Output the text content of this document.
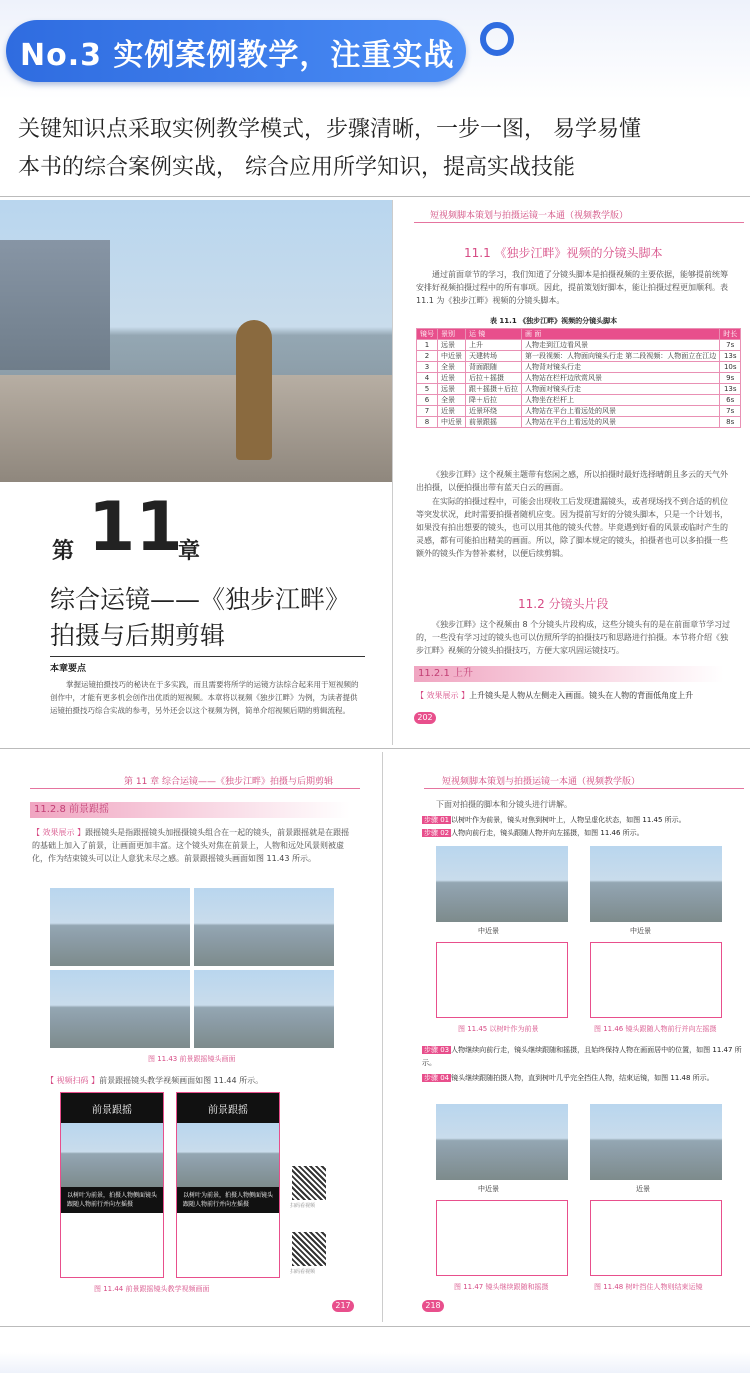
No.3 实例案例教学，注重实战
关键知识点采取实例教学模式，步骤清晰，一步一图， 易学易懂
本书的综合案例实战， 综合应用所学知识，提高实战技能
第 11
章
综合运镜——《独步江畔》
拍摄与后期剪辑
本章要点
掌握运镜拍摄技巧的秘诀在于多实践，而且需要将所学的运镜方法综合起来用于短视频的创作中，才能有更多机会创作出优质的短视频。本章将以视频《独步江畔》为例，为读者提供运镜拍摄技巧综合实战的参考，另外还会以这个视频为例，简单介绍视频后期的剪辑流程。
短视频脚本策划与拍摄运镜一本通（视频教学版）
11.1 《独步江畔》视频的分镜头脚本
通过前面章节的学习，我们知道了分镜头脚本是拍摄视频的主要依据，能够提前统筹安排好视频拍摄过程中的所有事项。因此，提前策划好脚本，能让拍摄过程更加顺利。表 11.1 为《独步江畔》视频的分镜头脚本。
表 11.1 《独步江畔》视频的分镜头脚本
镜号	景别	运 镜	画 面	时长
1	远景	上升	人物走到江边看风景	7s
2	中近景	天建转场	第一段视频：人物面向镜头行走 第二段视频：人物面立在江边	13s
3	全景	背面跟随	人物背对镜头行走	10s
4	近景	后拉＋摇摄	人物站在栏杆边欣赏风景	9s
5	远景	跟＋摇摄＋后拉	人物面对镜头行走	13s
6	全景	降＋后拉	人物坐在栏杆上	6s
7	近景	近景环绕	人物站在平台上看远处的风景	7s
8	中近景	前景跟摇	人物站在平台上看远处的风景	8s
《独步江畔》这个视频主题带有悠闲之感，所以拍摄时最好选择晴朗且多云的天气外出拍摄，以便拍摄出带有蓝天白云的画面。
在实际的拍摄过程中，可能会出现收工后发现遗漏镜头，或者现场找不到合适的机位等突发状况，此时需要拍摄者随机应变。因为提前写好的分镜头脚本，只是一个计划书，如果没有拍出想要的镜头，也可以用其他的镜头代替。毕竟遇到好看的风景或临时产生的灵感，都有可能拍出精美的画面。所以，除了脚本规定的镜头，拍摄者也可以多拍摄一些额外的镜头作为替补素材，以便后续剪辑。
11.2 分镜头片段
《独步江畔》这个视频由 8 个分镜头片段构成，这些分镜头有的是在前面章节学习过的，一些没有学习过的镜头也可以仿照所学的拍摄技巧和思路进行拍摄。本节将介绍《独步江畔》视频的分镜头拍摄技巧，方便大家巩固运镜技巧。
11.2.1 上升
【 效果展示 】上升镜头是人物从左侧走入画面。镜头在人物的背面低角度上升
202
第 11 章 综合运镜——《独步江畔》拍摄与后期剪辑
11.2.8 前景跟摇
【 效果展示 】跟摇镜头是指跟摇镜头加摇摄镜头组合在一起的镜头，前景跟摇就是在跟摇的基础上加入了前景，让画面更加丰富。这个镜头对焦在前景上，人物和远处风景则被虚化，作为结束镜头可以让人意犹未尽之感。前景跟摇镜头画面如图 11.43 所示。
图 11.43 前景跟摇镜头画面
【 视频扫码 】前景跟摇镜头教学视频画面如图 11.44 所示。
前景跟摇
以树叶为前景，拍摄人物侧面镜头跟随人物前行并向左摇摄
前景跟摇
以树叶为前景，拍摄人物侧面镜头跟随人物前行并向左摇摄	扫码看视频
扫码看视频
图 11.44 前景跟摇镜头教学视频画面
217
短视频脚本策划与拍摄运镜一本通（视频教学版）
下面对拍摄的脚本和分镜头进行讲解。
步骤 01 以树叶作为前景，镜头对焦到树叶上，人物呈虚化状态，如图 11.45 所示。
步骤 02 人物向前行走，镜头跟随人物并向左摇摄，如图 11.46 所示。
中近景	中近景
图 11.45 以树叶作为前景	图 11.46 镜头跟随人物前行并向左摇摄
步骤 03 人物继续向前行走，镜头继续跟随和摇摄，且始终保持人物在画面居中的位置，如图 11.47 所示。
步骤 04 镜头继续跟随拍摄人物，直到树叶几乎完全挡住人物，结束运镜，如图 11.48 所示。
中近景	近景
图 11.47 镜头继续跟随和摇摄	图 11.48 树叶挡住人物则结束运镜
218
